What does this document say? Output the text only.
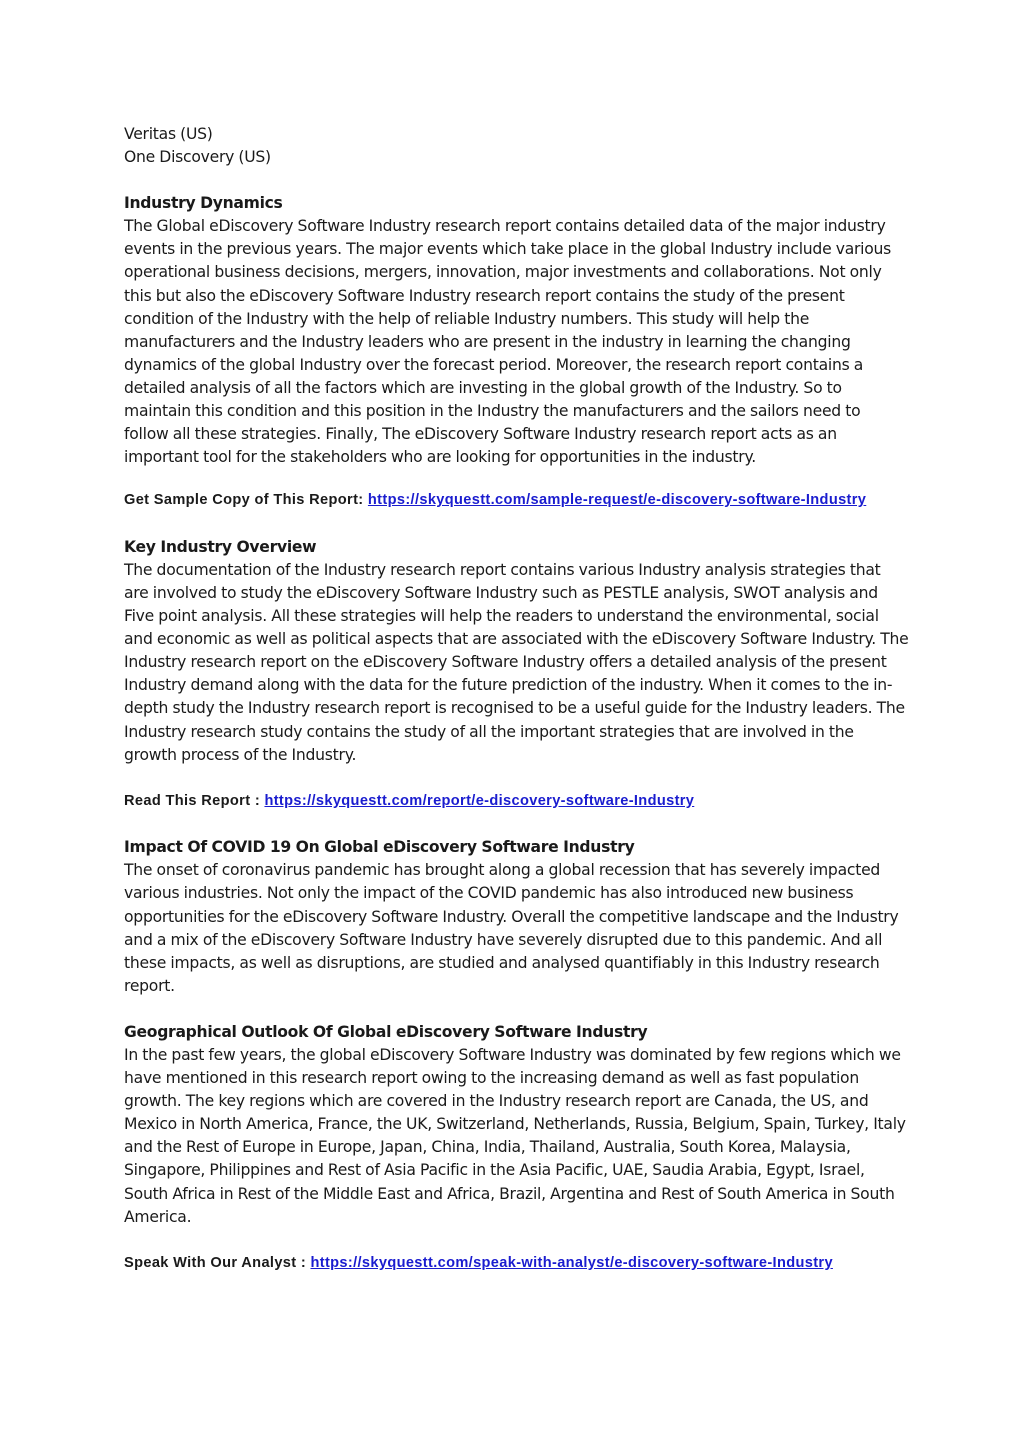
Veritas (US)
One Discovery (US)
Industry Dynamics

The Global eDiscovery Software Industry research report contains detailed data of the major industry events in the previous years. The major events which take place in the global Industry include various operational business decisions, mergers, innovation, major investments and collaborations. Not only this but also the eDiscovery Software Industry research report contains the study of the present condition of the Industry with the help of reliable Industry numbers. This study will help the manufacturers and the Industry leaders who are present in the industry in learning the changing dynamics of the global Industry over the forecast period. Moreover, the research report contains a detailed analysis of all the factors which are investing in the global growth of the Industry. So to maintain this condition and this position in the Industry the manufacturers and the sailors need to follow all these strategies. Finally, The eDiscovery Software Industry research report acts as an important tool for the stakeholders who are looking for opportunities in the industry.

Get Sample Copy of This Report: https://skyquestt.com/sample-request/e-discovery-software-Industry
Key Industry Overview

The documentation of the Industry research report contains various Industry analysis strategies that are involved to study the eDiscovery Software Industry such as PESTLE analysis, SWOT analysis and Five point analysis. All these strategies will help the readers to understand the environmental, social and economic as well as political aspects that are associated with the eDiscovery Software Industry. The Industry research report on the eDiscovery Software Industry offers a detailed analysis of the present Industry demand along with the data for the future prediction of the industry. When it comes to the in-depth study the Industry research report is recognised to be a useful guide for the Industry leaders. The Industry research study contains the study of all the important strategies that are involved in the growth process of the Industry.

Read This Report : https://skyquestt.com/report/e-discovery-software-Industry
Impact Of COVID 19 On Global eDiscovery Software Industry

The onset of coronavirus pandemic has brought along a global recession that has severely impacted various industries. Not only the impact of the COVID pandemic has also introduced new business opportunities for the eDiscovery Software Industry. Overall the competitive landscape and the Industry and a mix of the eDiscovery Software Industry have severely disrupted due to this pandemic. And all these impacts, as well as disruptions, are studied and analysed quantifiably in this Industry research report.

Geographical Outlook Of Global eDiscovery Software Industry

In the past few years, the global eDiscovery Software Industry was dominated by few regions which we have mentioned in this research report owing to the increasing demand as well as fast population growth. The key regions which are covered in the Industry research report are Canada, the US, and Mexico in North America, France, the UK, Switzerland, Netherlands, Russia, Belgium, Spain, Turkey, Italy and the Rest of Europe in Europe, Japan, China, India, Thailand, Australia, South Korea, Malaysia, Singapore, Philippines and Rest of Asia Pacific in the Asia Pacific, UAE, Saudia Arabia, Egypt, Israel, South Africa in Rest of the Middle East and Africa, Brazil, Argentina and Rest of South America in South America.

Speak With Our Analyst : https://skyquestt.com/speak-with-analyst/e-discovery-software-Industry
